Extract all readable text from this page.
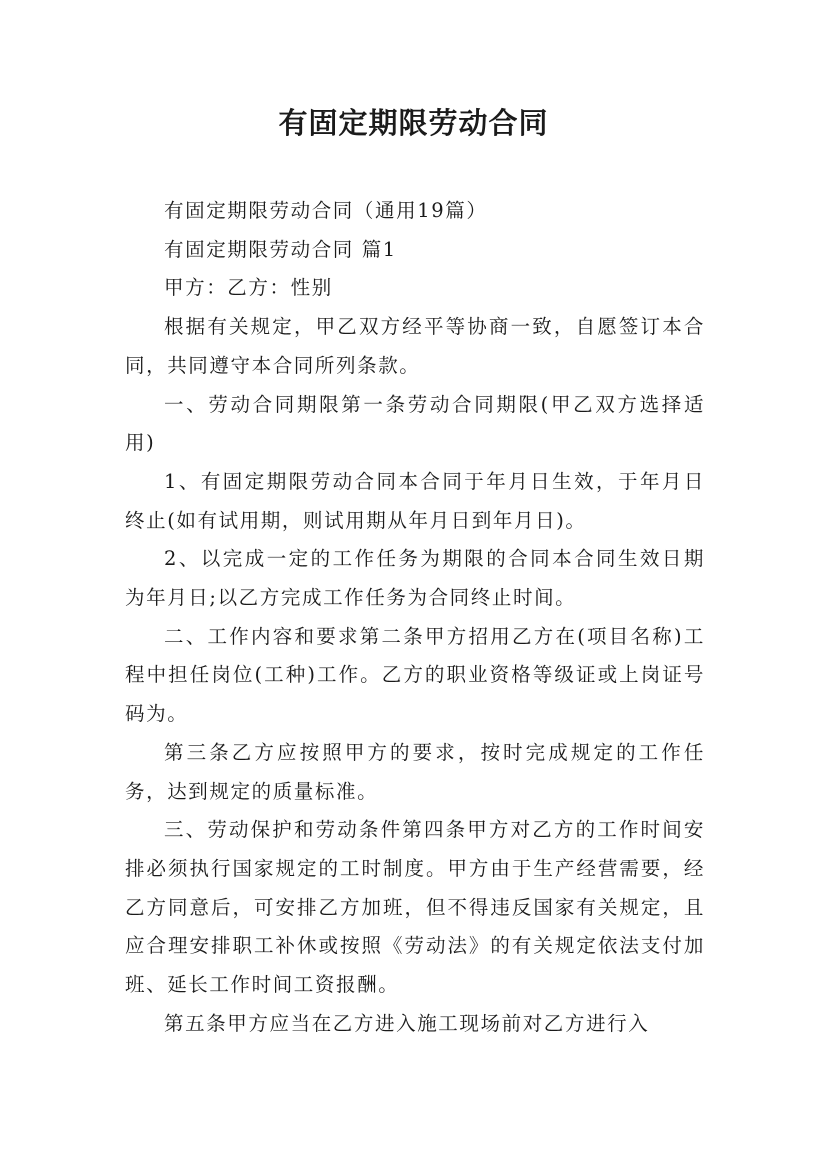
有固定期限劳动合同

有固定期限劳动合同（通用19篇）

有固定期限劳动合同 篇1

甲方：乙方：性别

根据有关规定，甲乙双方经平等协商一致，自愿签订本合同，共同遵守本合同所列条款。

一、劳动合同期限第一条劳动合同期限(甲乙双方选择适用)

1、有固定期限劳动合同本合同于年月日生效，于年月日终止(如有试用期，则试用期从年月日到年月日)。

2、以完成一定的工作任务为期限的合同本合同生效日期为年月日;以乙方完成工作任务为合同终止时间。

二、工作内容和要求第二条甲方招用乙方在(项目名称)工程中担任岗位(工种)工作。乙方的职业资格等级证或上岗证号码为。

第三条乙方应按照甲方的要求，按时完成规定的工作任务，达到规定的质量标准。

三、劳动保护和劳动条件第四条甲方对乙方的工作时间安排必须执行国家规定的工时制度。甲方由于生产经营需要，经乙方同意后，可安排乙方加班，但不得违反国家有关规定，且应合理安排职工补休或按照《劳动法》的有关规定依法支付加班、延长工作时间工资报酬。

第五条甲方应当在乙方进入施工现场前对乙方进行入
